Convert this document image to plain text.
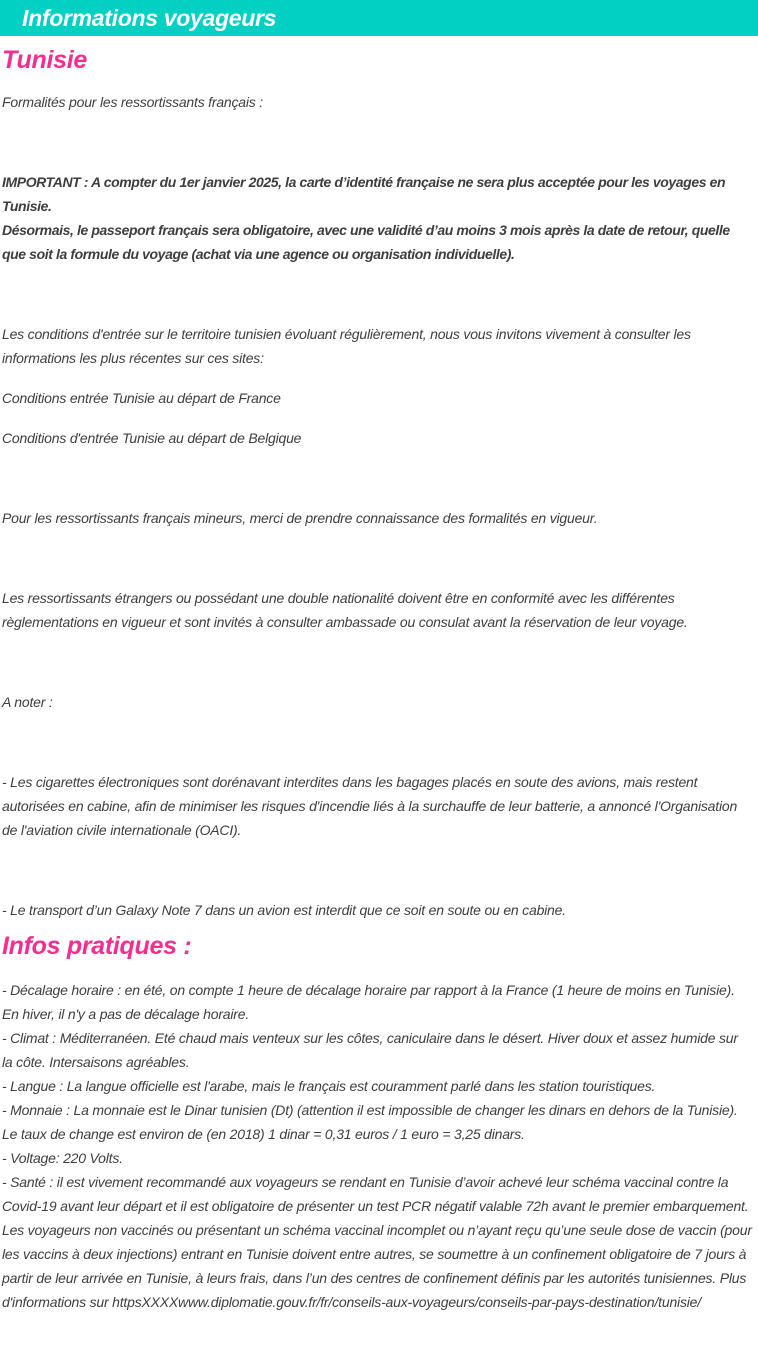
Informations voyageurs
Tunisie

Formalités pour les ressortissants français :

IMPORTANT : A compter du 1er janvier 2025, la carte d’identité française ne sera plus acceptée pour les voyages en Tunisie.

Désormais, le passeport français sera obligatoire, avec une validité d’au moins 3 mois après la date de retour, quelle que soit la formule du voyage (achat via une agence ou organisation individuelle).

Les conditions d'entrée sur le territoire tunisien évoluant régulièrement, nous vous invitons vivement à consulter les informations les plus récentes sur ces sites:

Conditions entrée Tunisie au départ de France

Conditions d'entrée Tunisie au départ de Belgique

Pour les ressortissants français mineurs, merci de prendre connaissance des formalités en vigueur.

Les ressortissants étrangers ou possédant une double nationalité doivent être en conformité avec les différentes règlementations en vigueur et sont invités à consulter ambassade ou consulat avant la réservation de leur voyage.

A noter :

- Les cigarettes électroniques sont dorénavant interdites dans les bagages placés en soute des avions, mais restent autorisées en cabine, afin de minimiser les risques d'incendie liés à la surchauffe de leur batterie, a annoncé l'Organisation de l'aviation civile internationale (OACI).

- Le transport d’un Galaxy Note 7 dans un avion est interdit que ce soit en soute ou en cabine.

Infos pratiques :

- Décalage horaire : en été, on compte 1 heure de décalage horaire par rapport à la France (1 heure de moins en Tunisie). En hiver, il n'y a pas de décalage horaire.

- Climat : Méditerranéen. Eté chaud mais venteux sur les côtes, caniculaire dans le désert. Hiver doux et assez humide sur la côte. Intersaisons agréables.

- Langue : La langue officielle est l'arabe, mais le français est couramment parlé dans les station touristiques.

- Monnaie : La monnaie est le Dinar tunisien (Dt) (attention il est impossible de changer les dinars en dehors de la Tunisie). Le taux de change est environ de (en 2018) 1 dinar = 0,31 euros / 1 euro = 3,25 dinars.

- Voltage: 220 Volts.

- Santé : il est vivement recommandé aux voyageurs se rendant en Tunisie d’avoir achevé leur schéma vaccinal contre la Covid-19 avant leur départ et il est obligatoire de présenter un test PCR négatif valable 72h avant le premier embarquement. Les voyageurs non vaccinés ou présentant un schéma vaccinal incomplet ou n’ayant reçu qu’une seule dose de vaccin (pour les vaccins à deux injections) entrant en Tunisie doivent entre autres, se soumettre à un confinement obligatoire de 7 jours à partir de leur arrivée en Tunisie, à leurs frais, dans l’un des centres de confinement définis par les autorités tunisiennes. Plus d'informations sur httpsXXXXwww.diplomatie.gouv.fr/fr/conseils-aux-voyageurs/conseils-par-pays-destination/tunisie/
